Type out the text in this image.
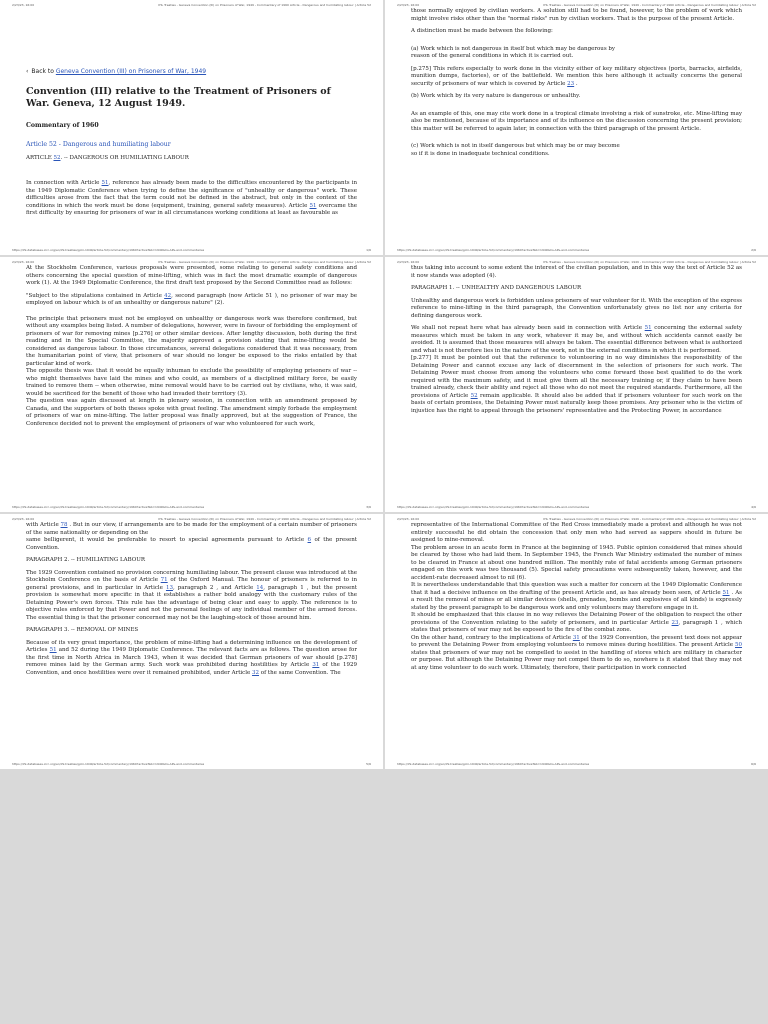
2/23/23, 16:00	IHL Treaties - Geneva Convention (III) on Prisoners of War, 1949 - Commentary of 1960 Article - Dangerous and humiliating labour | Article 52
‹ Back to Geneva Convention (III) on Prisoners of War, 1949
Convention (III) relative to the Treatment of Prisoners of War. Geneva, 12 August 1949.
Commentary of 1960
Article 52 - Dangerous and humiliating labour
ARTICLE 52. -- DANGEROUS OR HUMILIATING LABOUR

In connection with Article 51, reference has already been made to the difficulties encountered by the participants in the 1949 Diplomatic Conference when trying to define the significance of "unhealthy or dangerous" work. These difficulties arose from the fact that the term could not be defined in the abstract, but only in the context of the conditions in which the work must be done (equipment, training, general safety measures). Article 51 overcame the first difficulty by ensuring for prisoners of war in all circumstances working conditions at least as favourable as

https://ihl-databases.icrc.org/en/ihl-treaties/gciii-1949/article-52/commentary/1960?activeTab=1949GCs-APs-and-commentaries	1/6
2/23/23, 16:00	IHL Treaties - Geneva Convention (III) on Prisoners of War, 1949 - Commentary of 1960 Article - Dangerous and humiliating labour | Article 52

those normally enjoyed by civilian workers. A solution still had to be found, however, to the problem of work which might involve risks other than the "normal risks" run by civilian workers. That is the purpose of the present Article.

A distinction must be made between the following:

(a) Work which is not dangerous in itself but which may be dangerous by

reason of the general conditions in which it is carried out.

[p.275] This refers especially to work done in the vicinity either of key military objectives (ports, barracks, airfields, munition dumps, factories), or of the battlefield. We mention this here although it actually concerns the general security of prisoners of war which is covered by Article 23 .

(b) Work which by its very nature is dangerous or unhealthy.

As an example of this, one may cite work done in a tropical climate involving a risk of sunstroke, etc. Mine-lifting may also be mentioned, because of its importance and of its influence on the discussion concerning the present provision; this matter will be referred to again later, in connection with the third paragraph of the present Article.

(c) Work which is not in itself dangerous but which may be or may become

so if it is done in inadequate technical conditions.

https://ihl-databases.icrc.org/en/ihl-treaties/gciii-1949/article-52/commentary/1960?activeTab=1949GCs-APs-and-commentaries	2/6
2/23/23, 16:00	IHL Treaties - Geneva Convention (III) on Prisoners of War, 1949 - Commentary of 1960 Article - Dangerous and humiliating labour | Article 52

At the Stockholm Conference, various proposals were presented, some relating to general safety conditions and others concerning the special question of mine-lifting, which was in fact the most dramatic example of dangerous work (1). At the 1949 Diplomatic Conference, the first draft text proposed by the Second Committee read as follows:

"Subject to the stipulations contained in Article 42, second paragraph (now Article 51 ), no prisoner of war may be employed on labour which is of an unhealthy or dangerous nature" (2).

The principle that prisoners must not be employed on unhealthy or dangerous work was therefore confirmed, but without any examples being listed. A number of delegations, however, were in favour of forbidding the employment of prisoners of war for removing mines [p.276] or other similar devices. After lengthy discussion, both during the first reading and in the Special Committee, the majority approved a provision stating that mine-lifting would be considered as dangerous labour. In those circumstances, several delegations considered that it was necessary, from the humanitarian point of view, that prisoners of war should no longer be exposed to the risks entailed by that particular kind of work.

The opposite thesis was that it would be equally inhuman to exclude the possibility of employing prisoners of war -- who might themselves have laid the mines and who could, as members of a disciplined military force, be easily trained to remove them -- when otherwise, mine removal would have to be carried out by civilians, who, it was said, would be sacrificed for the benefit of those who had invaded their territory (3).

The question was again discussed at length in plenary session, in connection with an amendment proposed by Canada, and the supporters of both theses spoke with great feeling. The amendment simply forbade the employment of prisoners of war on mine-lifting. The latter proposal was finally approved, but at the suggestion of France, the Conference decided not to prevent the employment of prisoners of war who volunteered for such work,

https://ihl-databases.icrc.org/en/ihl-treaties/gciii-1949/article-52/commentary/1960?activeTab=1949GCs-APs-and-commentaries	3/6
2/23/23, 16:00	IHL Treaties - Geneva Convention (III) on Prisoners of War, 1949 - Commentary of 1960 Article - Dangerous and humiliating labour | Article 52

thus taking into account to some extent the interest of the civilian population, and in this way the text of Article 52 as it now stands was adopted (4).

PARAGRAPH 1. -- UNHEALTHY AND DANGEROUS LABOUR

Unhealthy and dangerous work is forbidden unless prisoners of war volunteer for it. With the exception of the express reference to mine-lifting in the third paragraph, the Convention unfortunately gives no list nor any criteria for defining dangerous work.

We shall not repeat here what has already been said in connection with Article 51 concerning the external safety measures which must be taken in any work, whatever it may be, and without which accidents cannot easily be avoided. It is assumed that those measures will always be taken. The essential difference between what is authorized and what is not therefore lies in the nature of the work, not in the external conditions in which it is performed.

[p.277] It must be pointed out that the reference to volunteering in no way diminishes the responsibility of the Detaining Power and cannot excuse any lack of discernment in the selection of prisoners for such work. The Detaining Power must choose from among the volunteers who come forward those best qualified to do the work required with the maximum safety, and it must give them all the necessary training or, if they claim to have been trained already, check their ability and reject all those who do not meet the required standards. Furthermore, all the provisions of Article 52 remain applicable. It should also be added that if prisoners volunteer for such work on the basis of certain promises, the Detaining Power must naturally keep those promises. Any prisoner who is the victim of injustice has the right to appeal through the prisoners' representative and the Protecting Power, in accordance

https://ihl-databases.icrc.org/en/ihl-treaties/gciii-1949/article-52/commentary/1960?activeTab=1949GCs-APs-and-commentaries	4/6
2/23/23, 16:00	IHL Treaties - Geneva Convention (III) on Prisoners of War, 1949 - Commentary of 1960 Article - Dangerous and humiliating labour | Article 52

with Article 78 . But in our view, if arrangements are to be made for the employment of a certain number of prisoners of the same nationality or depending on the

same belligerent, it would be preferable to resort to special agreements pursuant to Article 6 of the present Convention.

PARAGRAPH 2. -- HUMILIATING LABOUR

The 1929 Convention contained no provision concerning humiliating labour. The present clause was introduced at the Stockholm Conference on the basis of Article 71 of the Oxford Manual. The honour of prisoners is referred to in general provisions, and in particular in Article 13, paragraph 2 , and Article 14, paragraph 1 , but the present provision is somewhat more specific in that it establishes a rather bold analogy with the customary rules of the Detaining Power's own forces. This rule has the advantage of being clear and easy to apply. The reference is to objective rules enforced by that Power and not the personal feelings of any individual member of the armed forces. The essential thing is that the prisoner concerned may not be the laughing-stock of those around him.

PARAGRAPH 3. -- REMOVAL OF MINES

Because of its very great importance, the problem of mine-lifting had a determining influence on the development of Articles 51 and 52 during the 1949 Diplomatic Conference. The relevant facts are as follows. The question arose for the first time in North Africa in March 1943, when it was decided that German prisoners of war should [p.278] remove mines laid by the German army. Such work was prohibited during hostilities by Article 31 of the 1929 Convention, and once hostilities were over it remained prohibited, under Article 32 of the same Convention. The

https://ihl-databases.icrc.org/en/ihl-treaties/gciii-1949/article-52/commentary/1960?activeTab=1949GCs-APs-and-commentaries	5/6
2/23/23, 16:00	IHL Treaties - Geneva Convention (III) on Prisoners of War, 1949 - Commentary of 1960 Article - Dangerous and humiliating labour | Article 52

representative of the International Committee of the Red Cross immediately made a protest and although he was not entirely successful he did obtain the concession that only men who had served as sappers should in future be assigned to mine-removal.

The problem arose in an acute form in France at the beginning of 1945. Public opinion considered that mines should be cleared by those who had laid them. In September 1945, the French War Ministry estimated the number of mines to be cleared in France at about one hundred million. The monthly rate of fatal accidents among German prisoners engaged on this work was two thousand (5). Special safety precautions were subsequently taken, however, and the accident-rate decreased almost to nil (6).

It is nevertheless understandable that this question was such a matter for concern at the 1949 Diplomatic Conference that it had a decisive influence on the drafting of the present Article and, as has already been seen, of Article 51 . As a result the removal of mines or all similar devices (shells, grenades, bombs and explosives of all kinds) is expressly stated by the present paragraph to be dangerous work and only volunteers may therefore engage in it.

It should be emphasized that this clause in no way relieves the Detaining Power of the obligation to respect the other provisions of the Convention relating to the safety of prisoners, and in particular Article 23, paragraph 1 , which states that prisoners of war may not be exposed to the fire of the combat zone.

On the other hand, contrary to the implications of Article 31 of the 1929 Convention, the present text does not appear to prevent the Detaining Power from employing volunteers to remove mines during hostilities. The present Article 50 states that prisoners of war may not be compelled to assist in the handling of stores which are military in character or purpose. But although the Detaining Power may not compel them to do so, nowhere is it stated that they may not at any time volunteer to do such work. Ultimately, therefore, their participation in work connected

https://ihl-databases.icrc.org/en/ihl-treaties/gciii-1949/article-52/commentary/1960?activeTab=1949GCs-APs-and-commentaries	6/6
